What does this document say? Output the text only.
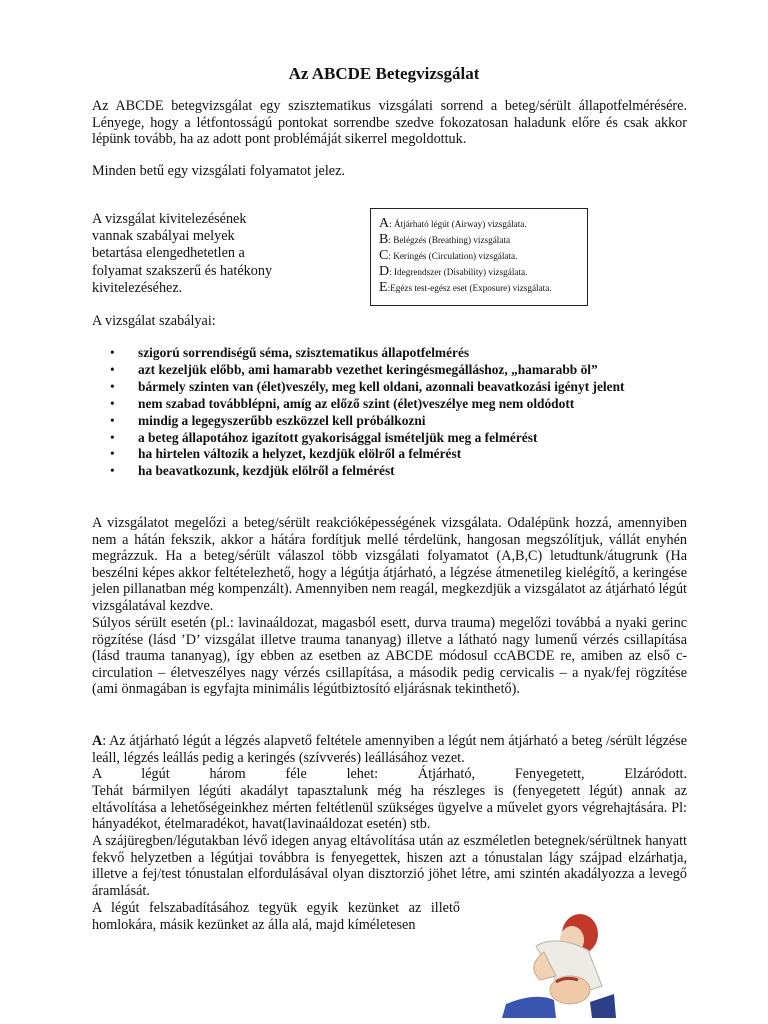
Az ABCDE Betegvizsgálat

Az ABCDE betegvizsgálat egy szisztematikus vizsgálati sorrend a beteg/sérült állapotfelmérésére. Lényege, hogy a létfontosságú pontokat sorrendbe szedve fokozatosan haladunk előre és csak akkor lépünk tovább, ha az adott pont problémáját sikerrel megoldottuk.

Minden betű egy vizsgálati folyamatot jelez.

A vizsgálat kivitelezésének vannak szabályai melyek betartása elengedhetetlen a folyamat szakszerű és hatékony kivitelezéséhez.
A: Átjárható légút (Airway) vizsgálata.
B: Belégzés (Breathing) vizsgálata
C: Keringés (Circulation) vizsgálata.
D: Idegrendszer (Disability) vizsgálata.
E:Egézs test-egész eset (Exposure) vizsgálata.

A vizsgálat szabályai:

• szigorú sorrendiségű séma, szisztematikus állapotfelmérés
• azt kezeljük előbb, ami hamarabb vezethet keringésmegálláshoz, „hamarabb öl”
• bármely szinten van (élet)veszély, meg kell oldani, azonnali beavatkozási igényt jelent
• nem szabad továbblépni, amíg az előző szint (élet)veszélye meg nem oldódott
• mindig a legegyszerűbb eszközzel kell próbálkozni
• a beteg állapotához igazított gyakorisággal ismételjük meg a felmérést
• ha hirtelen változik a helyzet, kezdjük elölről a felmérést
• ha beavatkozunk, kezdjük elölről a felmérést

A vizsgálatot megelőzi a beteg/sérült reakcióképességének vizsgálata. Odalépünk hozzá, amennyiben nem a hátán fekszik, akkor a hátára fordítjuk mellé térdelünk, hangosan megszólítjuk, vállát enyhén megrázzuk. Ha a beteg/sérült válaszol több vizsgálati folyamatot (A,B,C) letudtunk/átugrunk (Ha beszélni képes akkor feltételezhető, hogy a légútja átjárható, a légzése átmenetileg kielégítő, a keringése jelen pillanatban még kompenzált). Amennyiben nem reagál, megkezdjük a vizsgálatot az átjárható légút vizsgálatával kezdve.

Súlyos sérült esetén (pl.: lavinaáldozat, magasból esett, durva trauma) megelőzi továbbá a nyaki gerinc rögzítése (lásd ’D’ vizsgálat illetve trauma tananyag) illetve a látható nagy lumenű vérzés csillapítása (lásd trauma tananyag), így ebben az esetben az ABCDE módosul ccABCDE re, amiben az első c- circulation – életveszélyes nagy vérzés csillapítása, a második pedig cervicalis – a nyak/fej rögzítése (ami önmagában is egyfajta minimális légútbiztosító eljárásnak tekinthető).

A: Az átjárható légút a légzés alapvető feltétele amennyiben a légút nem átjárható a beteg /sérült légzése leáll, légzés leállás pedig a keringés (szívverés) leállásához vezet.

A légút három féle lehet: Átjárható, Fenyegetett, Elzáródott.

Tehát bármilyen légúti akadályt tapasztalunk még ha részleges is (fenyegetett légút) annak az eltávolítása a lehetőségeinkhez mérten feltétlenül szükséges ügyelve a művelet gyors végrehajtására. Pl: hányadékot, ételmaradékot, havat(lavinaáldozat esetén) stb.

A szájüregben/légutakban lévő idegen anyag eltávolítása után az eszméletlen betegnek/sérültnek hanyatt fekvő helyzetben a légútjai továbbra is fenyegettek, hiszen azt a tónustalan lágy szájpad elzárhatja, illetve a fej/test tónustalan elfordulásával olyan disztorzió jöhet létre, ami szintén akadályozza a levegő áramlását.

A légút felszabadításához tegyük egyik kezünket az illető homlokára, másik kezünket az álla alá, majd kíméletesen
